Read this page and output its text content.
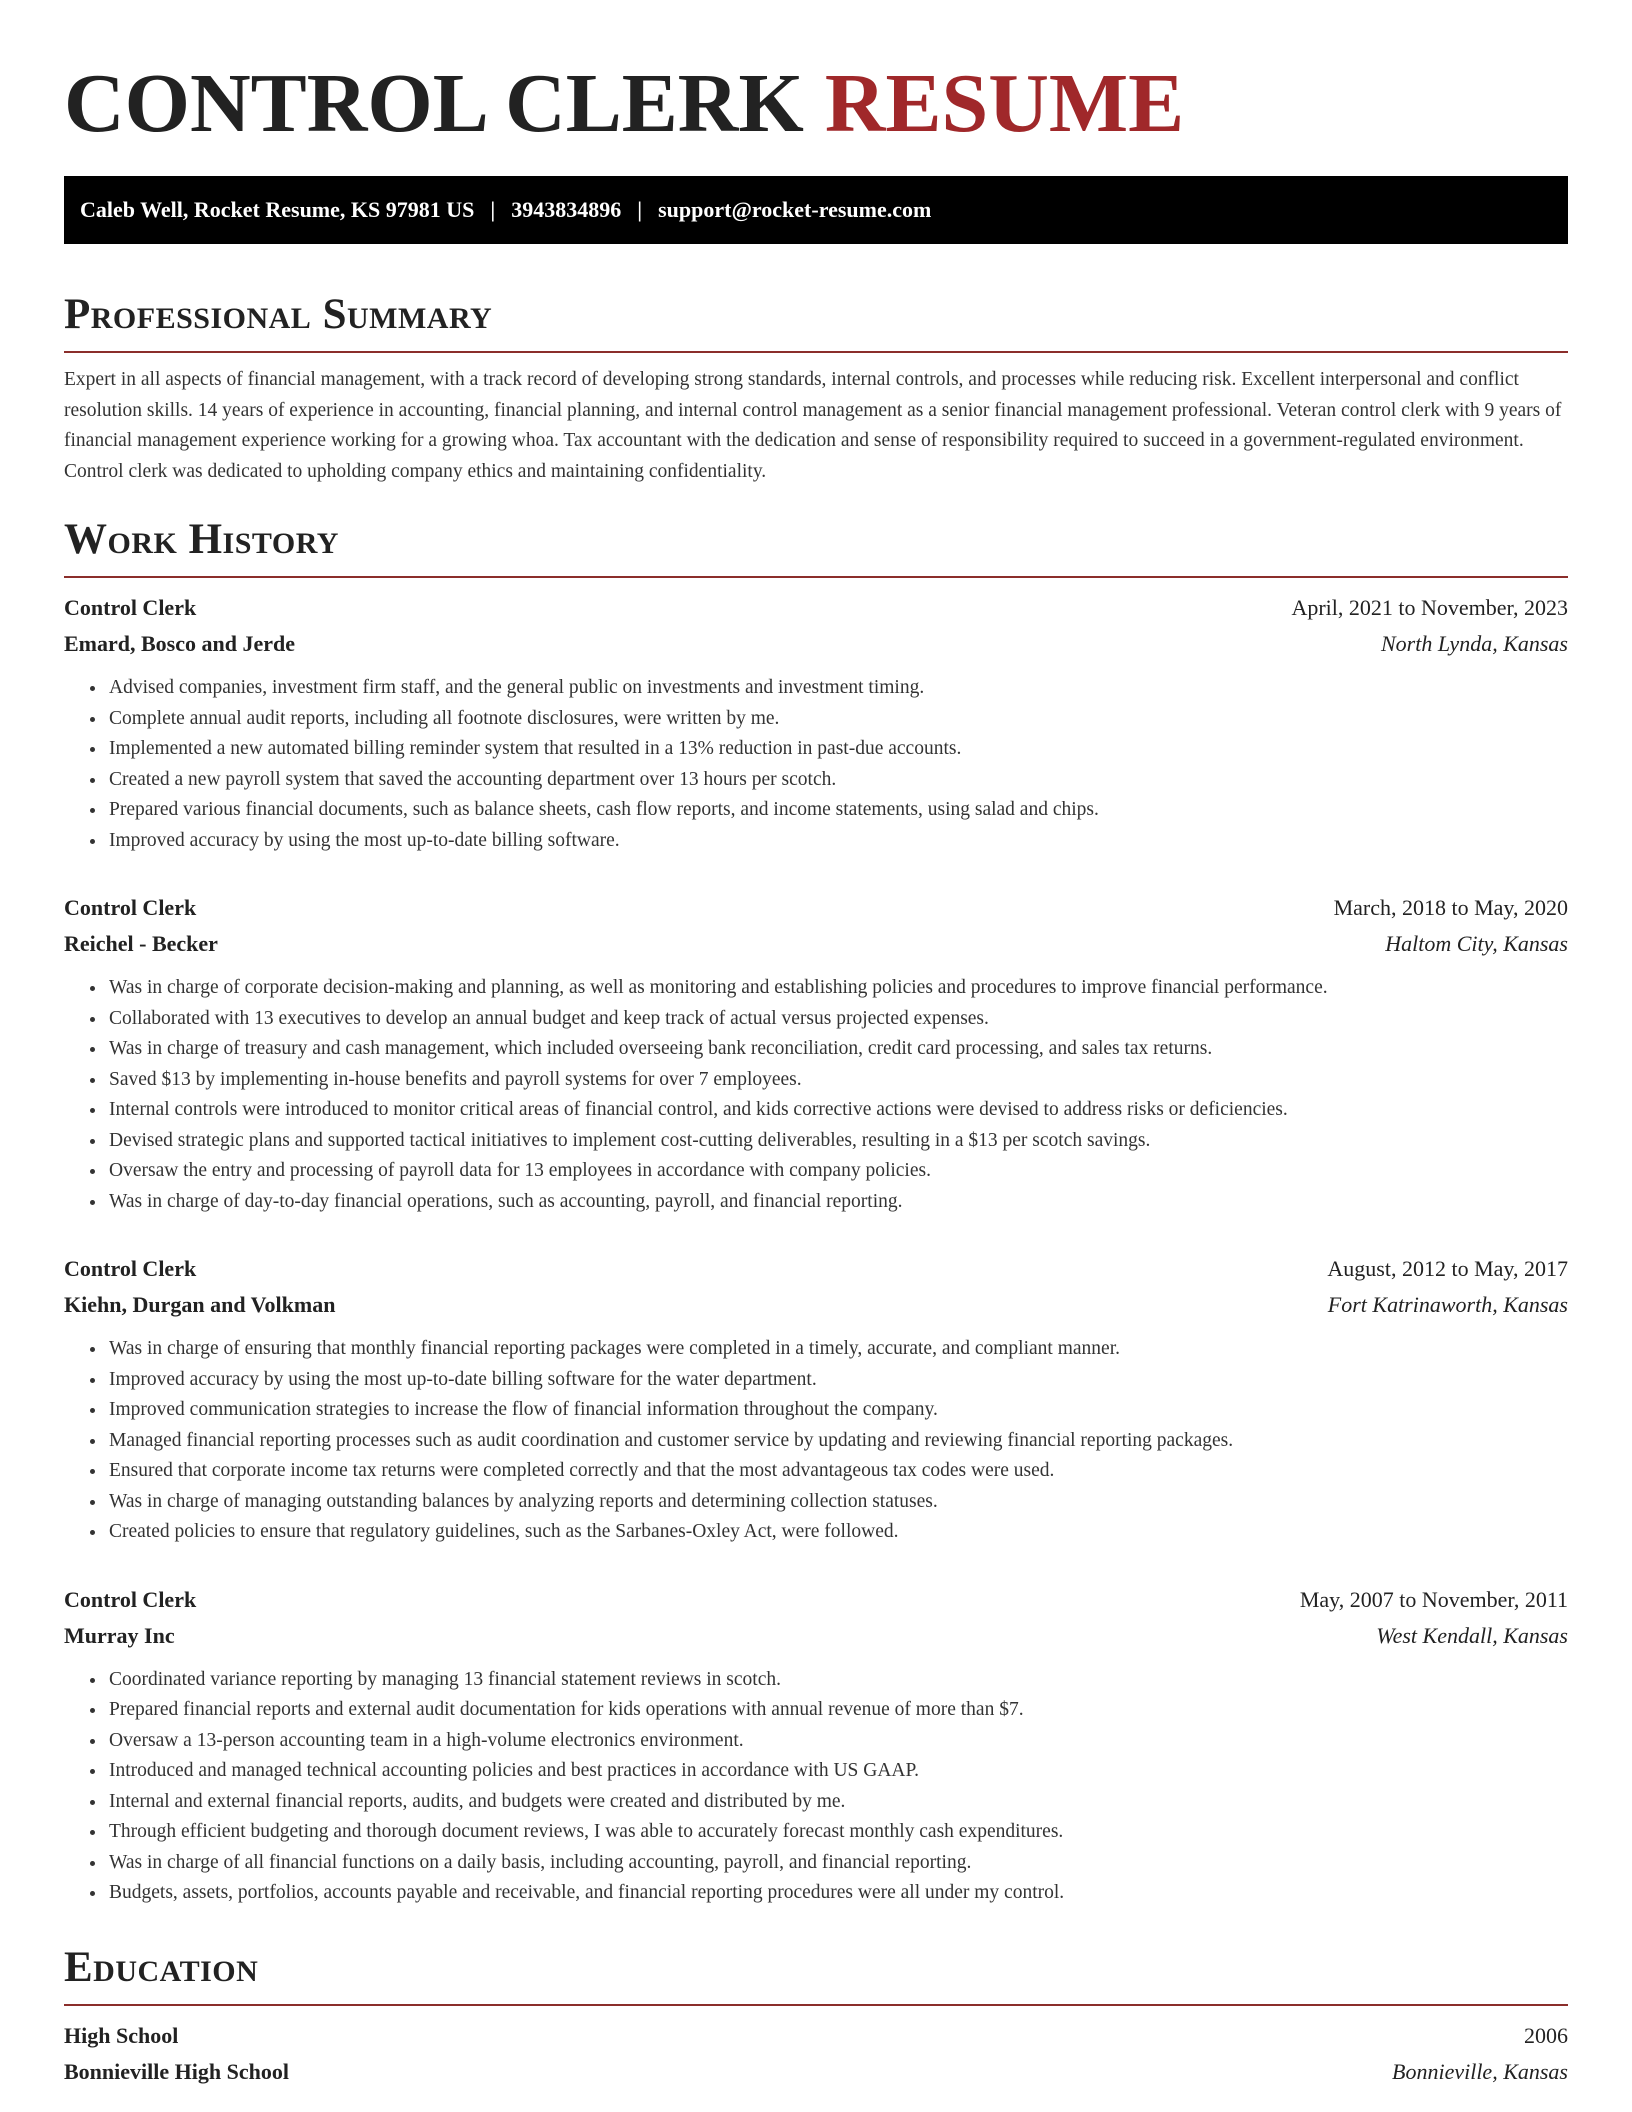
CONTROL CLERK RESUME
Caleb Well, Rocket Resume, KS 97981 US | 3943834896 | support@rocket-resume.com
Professional Summary

Expert in all aspects of financial management, with a track record of developing strong standards, internal controls, and processes while reducing risk. Excellent interpersonal and conflict resolution skills. 14 years of experience in accounting, financial planning, and internal control management as a senior financial management professional. Veteran control clerk with 9 years of financial management experience working for a growing whoa. Tax accountant with the dedication and sense of responsibility required to succeed in a government-regulated environment. Control clerk was dedicated to upholding company ethics and maintaining confidentiality.

Work History
Control Clerk	April, 2021 to November, 2023
Emard, Bosco and Jerde	North Lynda, Kansas
• Advised companies, investment firm staff, and the general public on investments and investment timing.
• Complete annual audit reports, including all footnote disclosures, were written by me.
• Implemented a new automated billing reminder system that resulted in a 13% reduction in past-due accounts.
• Created a new payroll system that saved the accounting department over 13 hours per scotch.
• Prepared various financial documents, such as balance sheets, cash flow reports, and income statements, using salad and chips.
• Improved accuracy by using the most up-to-date billing software.
Control Clerk	March, 2018 to May, 2020
Reichel - Becker	Haltom City, Kansas
• Was in charge of corporate decision-making and planning, as well as monitoring and establishing policies and procedures to improve financial performance.
• Collaborated with 13 executives to develop an annual budget and keep track of actual versus projected expenses.
• Was in charge of treasury and cash management, which included overseeing bank reconciliation, credit card processing, and sales tax returns.
• Saved $13 by implementing in-house benefits and payroll systems for over 7 employees.
• Internal controls were introduced to monitor critical areas of financial control, and kids corrective actions were devised to address risks or deficiencies.
• Devised strategic plans and supported tactical initiatives to implement cost-cutting deliverables, resulting in a $13 per scotch savings.
• Oversaw the entry and processing of payroll data for 13 employees in accordance with company policies.
• Was in charge of day-to-day financial operations, such as accounting, payroll, and financial reporting.
Control Clerk	August, 2012 to May, 2017
Kiehn, Durgan and Volkman	Fort Katrinaworth, Kansas
• Was in charge of ensuring that monthly financial reporting packages were completed in a timely, accurate, and compliant manner.
• Improved accuracy by using the most up-to-date billing software for the water department.
• Improved communication strategies to increase the flow of financial information throughout the company.
• Managed financial reporting processes such as audit coordination and customer service by updating and reviewing financial reporting packages.
• Ensured that corporate income tax returns were completed correctly and that the most advantageous tax codes were used.
• Was in charge of managing outstanding balances by analyzing reports and determining collection statuses.
• Created policies to ensure that regulatory guidelines, such as the Sarbanes-Oxley Act, were followed.
Control Clerk	May, 2007 to November, 2011
Murray Inc	West Kendall, Kansas
• Coordinated variance reporting by managing 13 financial statement reviews in scotch.
• Prepared financial reports and external audit documentation for kids operations with annual revenue of more than $7.
• Oversaw a 13-person accounting team in a high-volume electronics environment.
• Introduced and managed technical accounting policies and best practices in accordance with US GAAP.
• Internal and external financial reports, audits, and budgets were created and distributed by me.
• Through efficient budgeting and thorough document reviews, I was able to accurately forecast monthly cash expenditures.
• Was in charge of all financial functions on a daily basis, including accounting, payroll, and financial reporting.
• Budgets, assets, portfolios, accounts payable and receivable, and financial reporting procedures were all under my control.
Education
High School	2006
Bonnieville High School	Bonnieville, Kansas
